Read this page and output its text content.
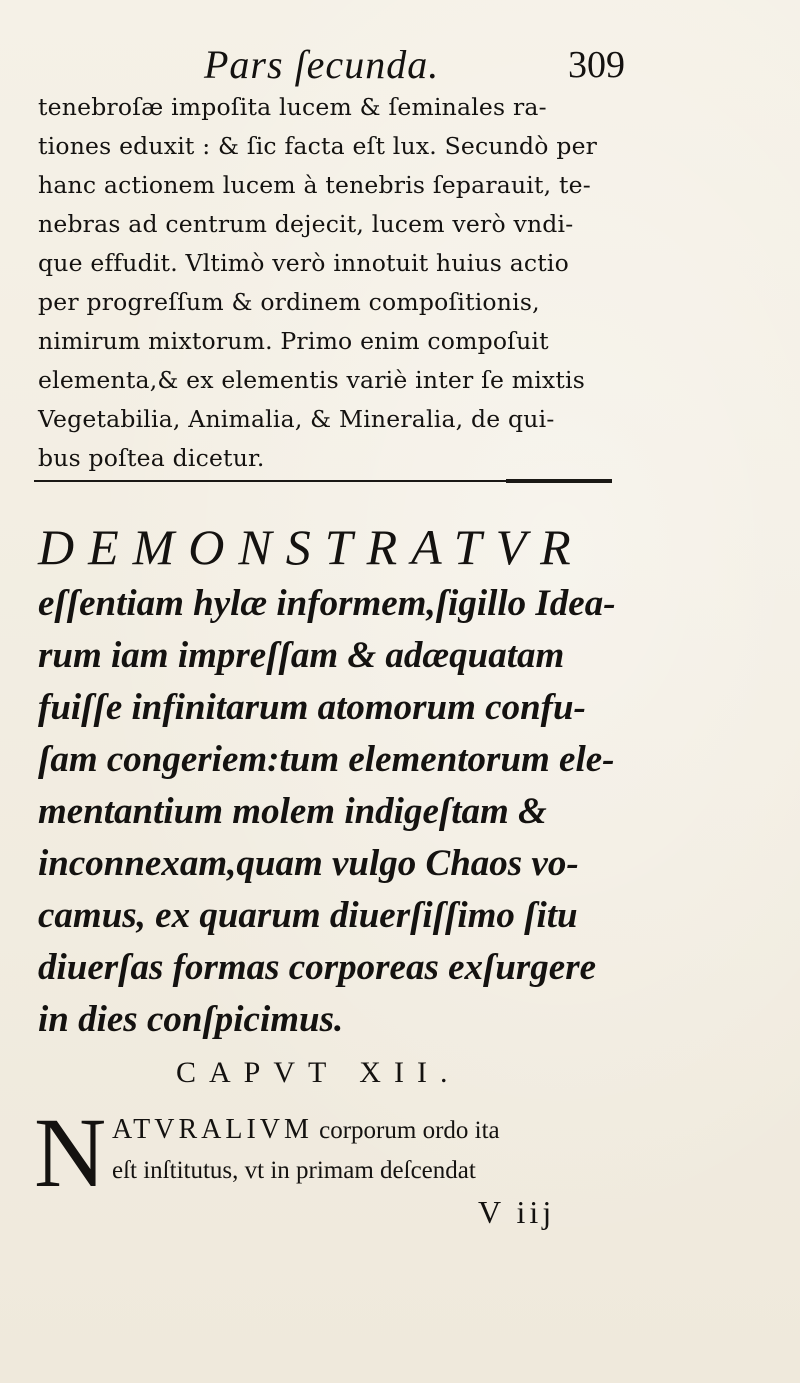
Pars ſecunda.	309
tenebroſæ impoſita lucem & ſeminales ra-
tiones eduxit : & ſic facta eſt lux. Secundò per
hanc actionem lucem à tenebris ſeparauit, te-
nebras ad centrum dejecit, lucem verò vndi-
que effudit. Vltimò verò innotuit huius actio
per progreſſum & ordinem compoſitionis,
nimirum mixtorum. Primo enim compoſuit
elementa,& ex elementis variè inter ſe mixtis
Vegetabilia, Animalia, & Mineralia, de qui-
bus poſtea dicetur.
DEMONSTRATVR
eſſentiam hylæ informem,ſigillo Idea-
rum iam impreſſam & adæquatam
fuiſſe infinitarum atomorum confu-
ſam congeriem:tum elementorum ele-
mentantium molem indigeſtam &
inconnexam,quam vulgo Chaos vo-
camus, ex quarum diuerſiſſimo ſitu
diuerſas formas corporeas exſurgere
in dies conſpicimus.
CAPVT XII.
N ATVRALIVM corporum ordo ita
eſt inſtitutus, vt in primam deſcendat
V iij
